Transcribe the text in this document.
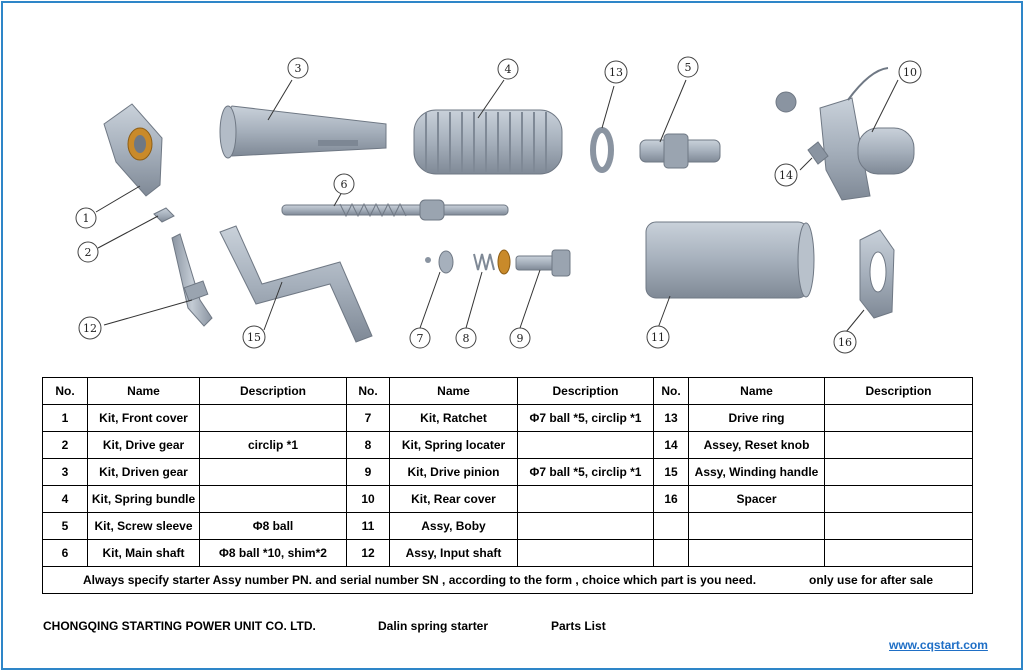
1
2
3	4	5
6
7	8	9
10
11
12
13
14
15	16
No.	Name	Description	No.	Name	Description	No.	Name	Description
1	Kit, Front cover		7	Kit, Ratchet	Φ7 ball *5, circlip *1	13	Drive ring	
2	Kit, Drive gear	circlip *1	8	Kit, Spring locater		14	Assey, Reset knob	
3	Kit, Driven gear		9	Kit, Drive pinion	Φ7 ball *5, circlip *1	15	Assy, Winding handle	
4	Kit, Spring bundle		10	Kit, Rear cover		16	Spacer	
5	Kit, Screw sleeve	Φ8 ball	11	Assy, Boby				
6	Kit, Main shaft	Φ8 ball *10, shim*2	12	Assy, Input shaft				
Always specify starter Assy number PN. and serial number SN , according to the form , choice which part is you need. only use for after sale								
CHONGQING STARTING POWER UNIT CO. LTD.	Dalin spring starter	Parts List
www.cqstart.com
